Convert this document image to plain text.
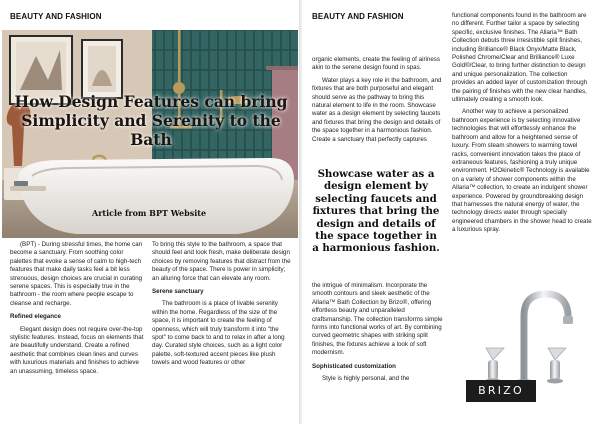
BEAUTY AND FASHION
How Design Features can bring Simplicity and Serenity to the Bath
Article from BPT Website

(BPT) - During stressful times, the home can become a sanctuary. From soothing color palettes that evoke a sense of calm to high-tech features that make daily tasks feel a bit less strenuous, design choices are crucial in curating serene spaces. This is especially true in the bathroom - the room where people escape to cleanse and recharge.

Refined elegance

Elegant design does not require over-the-top stylistic features. Instead, focus on elements that are beautifully understand. Create a refined aesthetic that combines clean lines and curves with luxurious materials and finishes to achieve an unassuming, timeless space.

To bring this style to the bathroom, a space that should feel and look fresh, make deliberate design choices by removing features that distract from the beauty of the space. There is power in simplicity; an alluring force that can elevate any room.

Serene sanctuary

The bathroom is a place of livable serenity within the home. Regardless of the size of the space, it is important to create the feeling of openness, which will truly transform it into "the spot" to come back to and to relax in after a long day. Curated style choices, such as a light color palette, soft-textured accent pieces like plush towels and wood features or other

BEAUTY AND FASHION

organic elements, create the feeling of airiness akin to the serene design found in spas.

Water plays a key role in the bathroom, and fixtures that are both purposeful and elegant should serve as the pathway to bring this natural element to life in the room. Showcase water as a design element by selecting faucets and fixtures that bring the design and details of the space together in a harmonious fashion. Create a sanctuary that perfectly captures

Showcase water as a design element by selecting faucets and fixtures that bring the design and details of the space together in a harmonious fashion.

the intrigue of minimalism. Incorporate the smooth contours and sleek aesthetic of the Allaria™ Bath Collection by Brizo®, offering effortless beauty and unparalleled craftsmanship. The collection transforms simple forms into functional works of art. By combining curved geometric shapes with striking split finishes, the fixtures achieve a look of soft modernism.

Sophisticated customization

Style is highly personal, and the

functional components found in the bathroom are no different. Further tailor a space by selecting specific, exclusive finishes. The Allaria™ Bath Collection debuts three irresistible split finishes, including Brilliance® Black Onyx/Matte Black, Polished Chrome/Clear and Brilliance® Luxe Gold®/Clear, to bring further distinction to design and unique personalization. The collection provides an added layer of customization through the pairing of finishes with the new clear handles, ultimately creating a smooth look.

Another way to achieve a personalized bathroom experience is by selecting innovative technologies that will effortlessly enhance the bathroom and allow for a heightened sense of luxury. From steam showers to warming towel racks, convenient innovation takes the place of extraneous features, fashioning a truly unique environment. H2Okinetic® Technology is available on a variety of shower components within the Allaria™ collection, to create an indulgent shower experience. Powered by groundbreaking design that harnesses the natural energy of water, the technology directs water through specially engineered chambers in the shower head to create a luxurious spray.

BRIZO
